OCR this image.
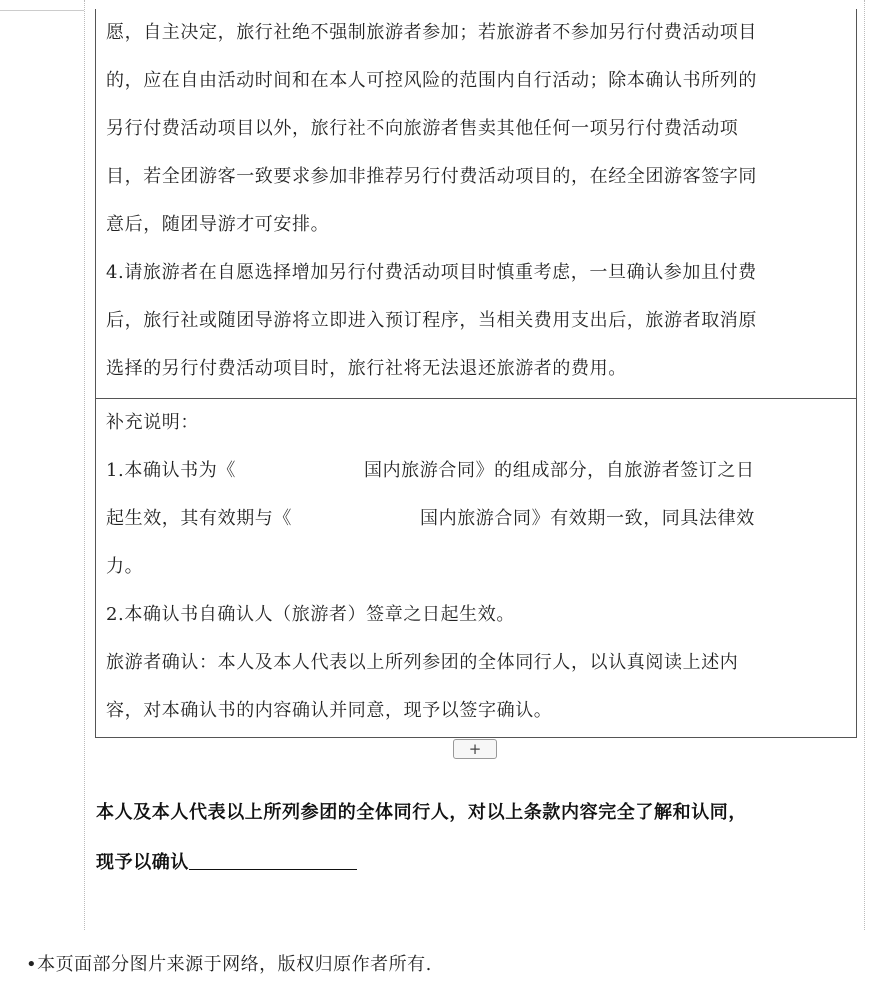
愿，自主决定，旅行社绝不强制旅游者参加；若旅游者不参加另行付费活动项目

的，应在自由活动时间和在本人可控风险的范围内自行活动；除本确认书所列的

另行付费活动项目以外，旅行社不向旅游者售卖其他任何一项另行付费活动项

目，若全团游客一致要求参加非推荐另行付费活动项目的，在经全团游客签字同

意后，随团导游才可安排。

4.请旅游者在自愿选择增加另行付费活动项目时慎重考虑，一旦确认参加且付费

后，旅行社或随团导游将立即进入预订程序，当相关费用支出后，旅游者取消原

选择的另行付费活动项目时，旅行社将无法退还旅游者的费用。

补充说明：

1.本确认书为《	国内旅游合同》的组成部分，自旅游者签订之日

起生效，其有效期与《	国内旅游合同》有效期一致，同具法律效

力。

2.本确认书自确认人（旅游者）签章之日起生效。

旅游者确认：本人及本人代表以上所列参团的全体同行人，以认真阅读上述内

容，对本确认书的内容确认并同意，现予以签字确认。

+

本人及本人代表以上所列参团的全体同行人，对以上条款内容完全了解和认同，

现予以确认

•本页面部分图片来源于网络，版权归原作者所有.
